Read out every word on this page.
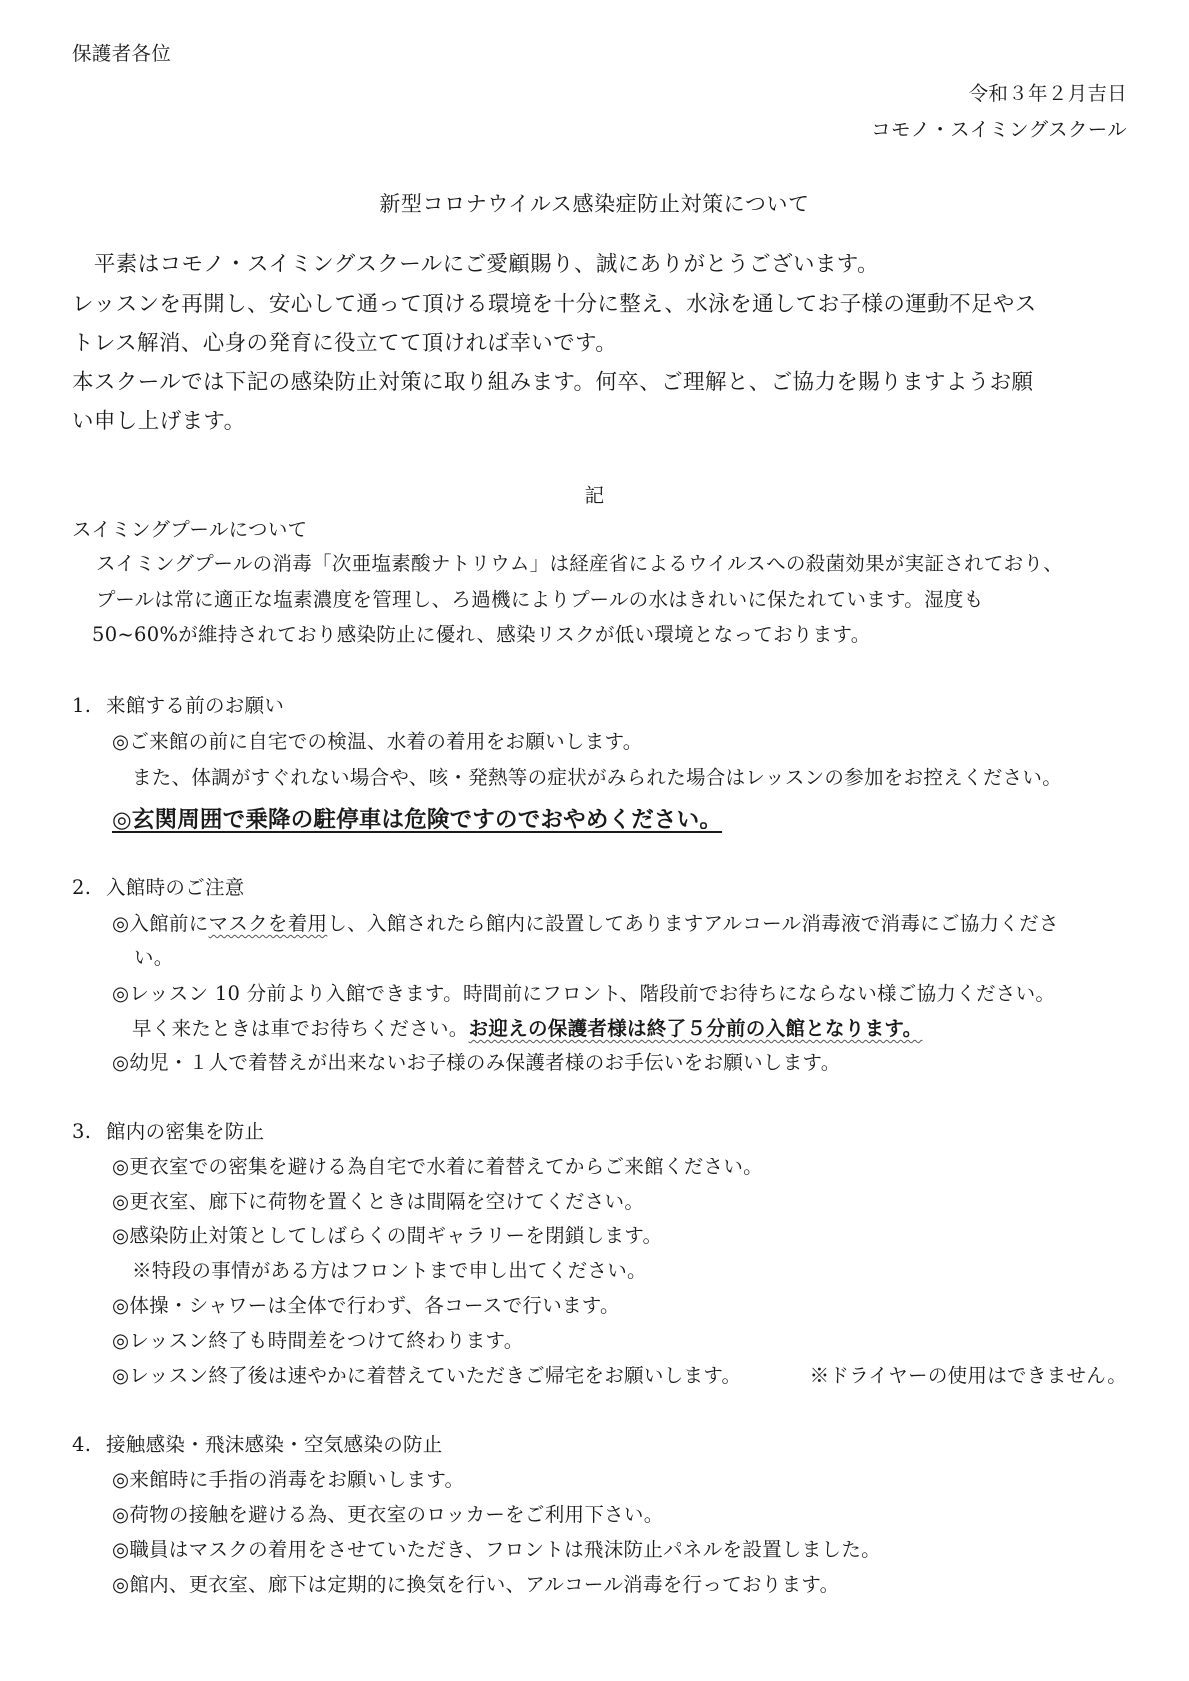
保護者各位
令和３年２月吉日
コモノ・スイミングスクール
新型コロナウイルス感染症防止対策について
　平素はコモノ・スイミングスクールにご愛顧賜り、誠にありがとうございます。
レッスンを再開し、安心して通って頂ける環境を十分に整え、水泳を通してお子様の運動不足やス
トレス解消、心身の発育に役立てて頂ければ幸いです。
本スクールでは下記の感染防止対策に取り組みます。何卒、ご理解と、ご協力を賜りますようお願
い申し上げます。
記
スイミングプールについて
スイミングプールの消毒「次亜塩素酸ナトリウム」は経産省によるウイルスへの殺菌効果が実証されており、
プールは常に適正な塩素濃度を管理し、ろ過機によりプールの水はきれいに保たれています。湿度も
50~60%が維持されており感染防止に優れ、感染リスクが低い環境となっております。
1. 来館する前のお願い
◎ご来館の前に自宅での検温、水着の着用をお願いします。
また、体調がすぐれない場合や、咳・発熱等の症状がみられた場合はレッスンの参加をお控えください。
◎玄関周囲で乗降の駐停車は危険ですのでおやめください。
2. 入館時のご注意
◎入館前にマスクを着用し、入館されたら館内に設置してありますアルコール消毒液で消毒にご協力くださ
い。
◎レッスン 10 分前より入館できます。時間前にフロント、階段前でお待ちにならない様ご協力ください。
早く来たときは車でお待ちください。お迎えの保護者様は終了５分前の入館となります。
◎幼児・１人で着替えが出来ないお子様のみ保護者様のお手伝いをお願いします。
3. 館内の密集を防止
◎更衣室での密集を避ける為自宅で水着に着替えてからご来館ください。
◎更衣室、廊下に荷物を置くときは間隔を空けてください。
◎感染防止対策としてしばらくの間ギャラリーを閉鎖します。
※特段の事情がある方はフロントまで申し出てください。
◎体操・シャワーは全体で行わず、各コースで行います。
◎レッスン終了も時間差をつけて終わります。
◎レッスン終了後は速やかに着替えていただきご帰宅をお願いします。	※ドライヤーの使用はできません。
4. 接触感染・飛沫感染・空気感染の防止
◎来館時に手指の消毒をお願いします。
◎荷物の接触を避ける為、更衣室のロッカーをご利用下さい。
◎職員はマスクの着用をさせていただき、フロントは飛沫防止パネルを設置しました。
◎館内、更衣室、廊下は定期的に換気を行い、アルコール消毒を行っております。
